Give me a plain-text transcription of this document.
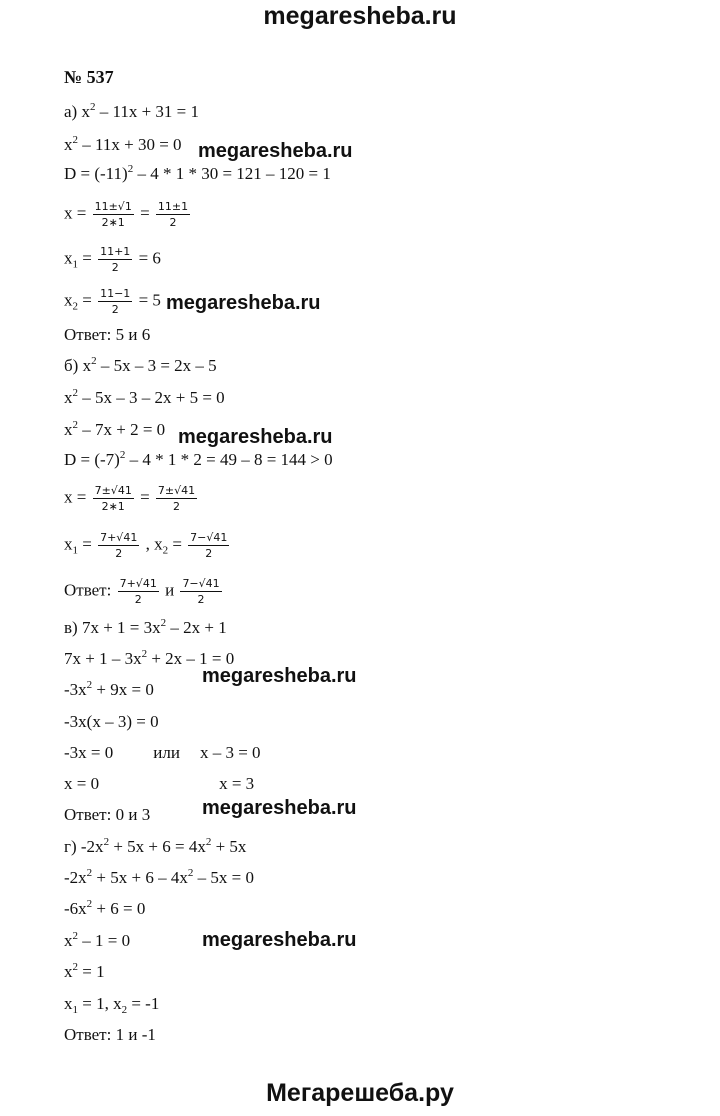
megaresheba.ru
№ 537
а) $x^2 - 11x + 31 = 1$
$x^2 - 11x + 30 = 0$
$D = (-11)^2 - 4 * 1 * 30 = 121 - 120 = 1$
$x = \frac{11\pm√1}{2∗1} = \frac{11\pm 1}{2}$
$x_1 = \frac{11+1}{2} = 6$
$x_2 = \frac{11-1}{2} = 5$
Ответ: 5 и 6
б) $x^2 - 5x - 3 = 2x - 5$
$x^2 - 5x - 3 - 2x + 5 = 0$
$x^2 - 7x + 2 = 0$
$D = (-7)^2 - 4 * 1 * 2 = 49 - 8 = 144 > 0$
$x = \frac{7\pm√41}{2∗1} = \frac{7\pm√41}{2}$
$x_1 = \frac{7+√41}{2}$ , $x_2 = \frac{7-√41}{2}$
Ответ: $\frac{7+√41}{2}$ и $\frac{7-√41}{2}$
в) $7x + 1 = 3x^2 - 2x + 1$
$7x + 1 - 3x^2 + 2x - 1 = 0$
$-3x^2 + 9x = 0$
-3x(x – 3) = 0
-3x = 0 или x – 3 = 0
x = 0	x = 3
Ответ: 0 и 3
г) $-2x^2 + 5x + 6 = 4x^2 + 5x$
$-2x^2 + 5x + 6 - 4x^2 - 5x = 0$
$-6x^2 + 6 = 0$
$x^2 - 1 = 0$
$x^2 = 1$
$x_1 = 1$, $x_2 = -1$
Ответ: 1 и -1
megaresheba.ru
megaresheba.ru
megaresheba.ru
megaresheba.ru
megaresheba.ru
megaresheba.ru
Мегарешеба.ру
